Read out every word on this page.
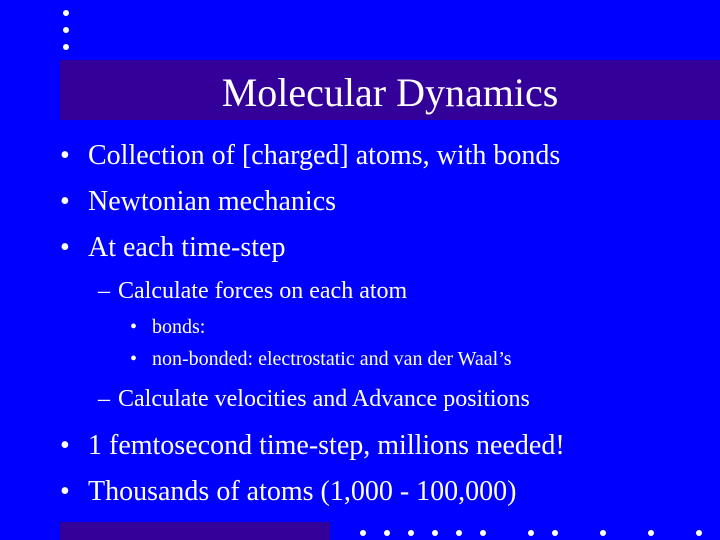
Molecular Dynamics
• Collection of [charged] atoms, with bonds
• Newtonian mechanics
• At each time-step
– Calculate forces on each atom
• bonds:
• non-bonded: electrostatic and van der Waal’s
– Calculate velocities and Advance positions
• 1 femtosecond time-step, millions needed!
• Thousands of atoms (1,000 - 100,000)
